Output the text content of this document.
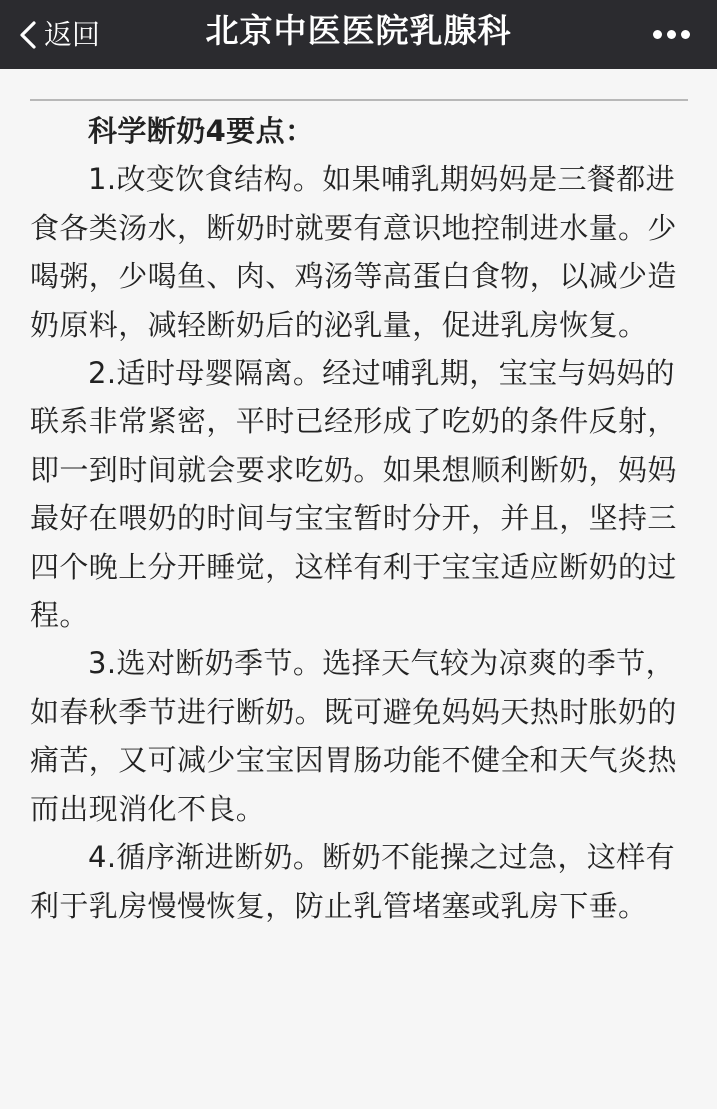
返回	北京中医医院乳腺科

科学断奶4要点：

1.改变饮食结构。如果哺乳期妈妈是三餐都进食各类汤水，断奶时就要有意识地控制进水量。少喝粥，少喝鱼、肉、鸡汤等高蛋白食物，以减少造奶原料，减轻断奶后的泌乳量，促进乳房恢复。

2.适时母婴隔离。经过哺乳期，宝宝与妈妈的联系非常紧密，平时已经形成了吃奶的条件反射，即一到时间就会要求吃奶。如果想顺利断奶，妈妈最好在喂奶的时间与宝宝暂时分开，并且，坚持三四个晚上分开睡觉，这样有利于宝宝适应断奶的过程。

3.选对断奶季节。选择天气较为凉爽的季节，如春秋季节进行断奶。既可避免妈妈天热时胀奶的痛苦，又可减少宝宝因胃肠功能不健全和天气炎热而出现消化不良。

4.循序渐进断奶。断奶不能操之过急，这样有利于乳房慢慢恢复，防止乳管堵塞或乳房下垂。
